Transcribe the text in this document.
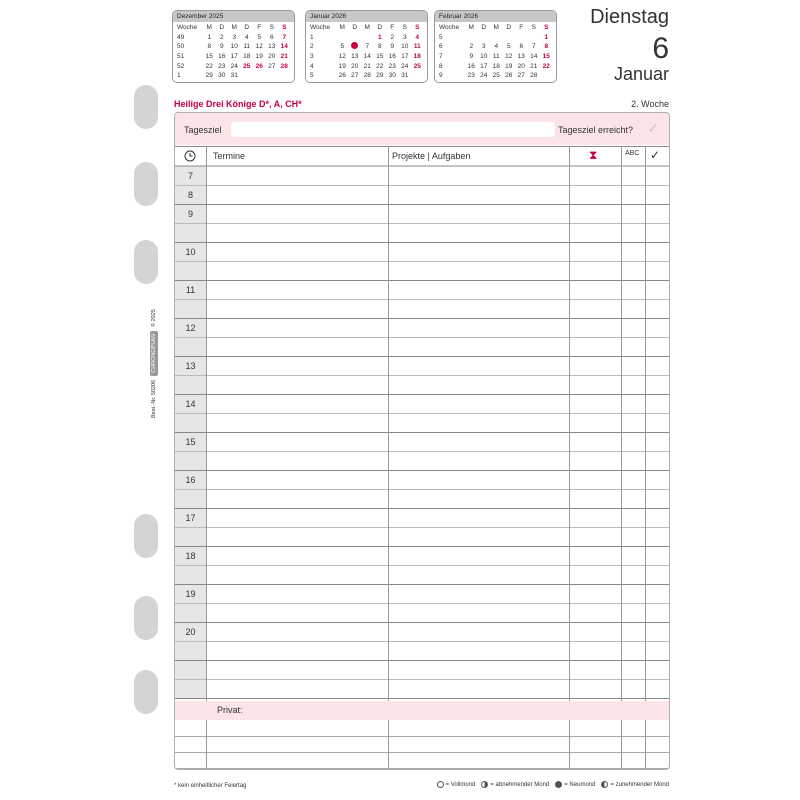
Dezember 2025
Woche	M	D	M	D	F	S	S
49	1	2	3	4	5	6	7
50	8	9	10	11	12	13	14
51	15	16	17	18	19	20	21
52	22	23	24	25	26	27	28
1	29	30	31				
Januar 2026
Woche	M	D	M	D	F	S	S
1				1	2	3	4
2	5		7	8	9	10	11
3	12	13	14	15	16	17	18
4	19	20	21	22	23	24	25
5	26	27	28	29	30	31	
Februar 2026
Woche	M	D	M	D	F	S	S
5							1
6	2	3	4	5	6	7	8
7	9	10	11	12	13	14	15
8	16	17	18	19	20	21	22
9	23	24	25	26	27	28	
Dienstag
6
Januar
Heilige Drei Könige D*, A, CH*	2. Woche
Tagesziel	Tagesziel erreicht? ✓
Termine	Projekte | Aufgaben	⧗	ABC ✓
7
8
9
10
11
12
13
14
15
16
17
18
19
20
Privat:
* kein einheitlicher Feiertag	= Vollmond	= abnehmender Mond	= Neumond	= zunehmender Mond
Best.-Nr. 50206
CHRONOPLAN
© 2025
